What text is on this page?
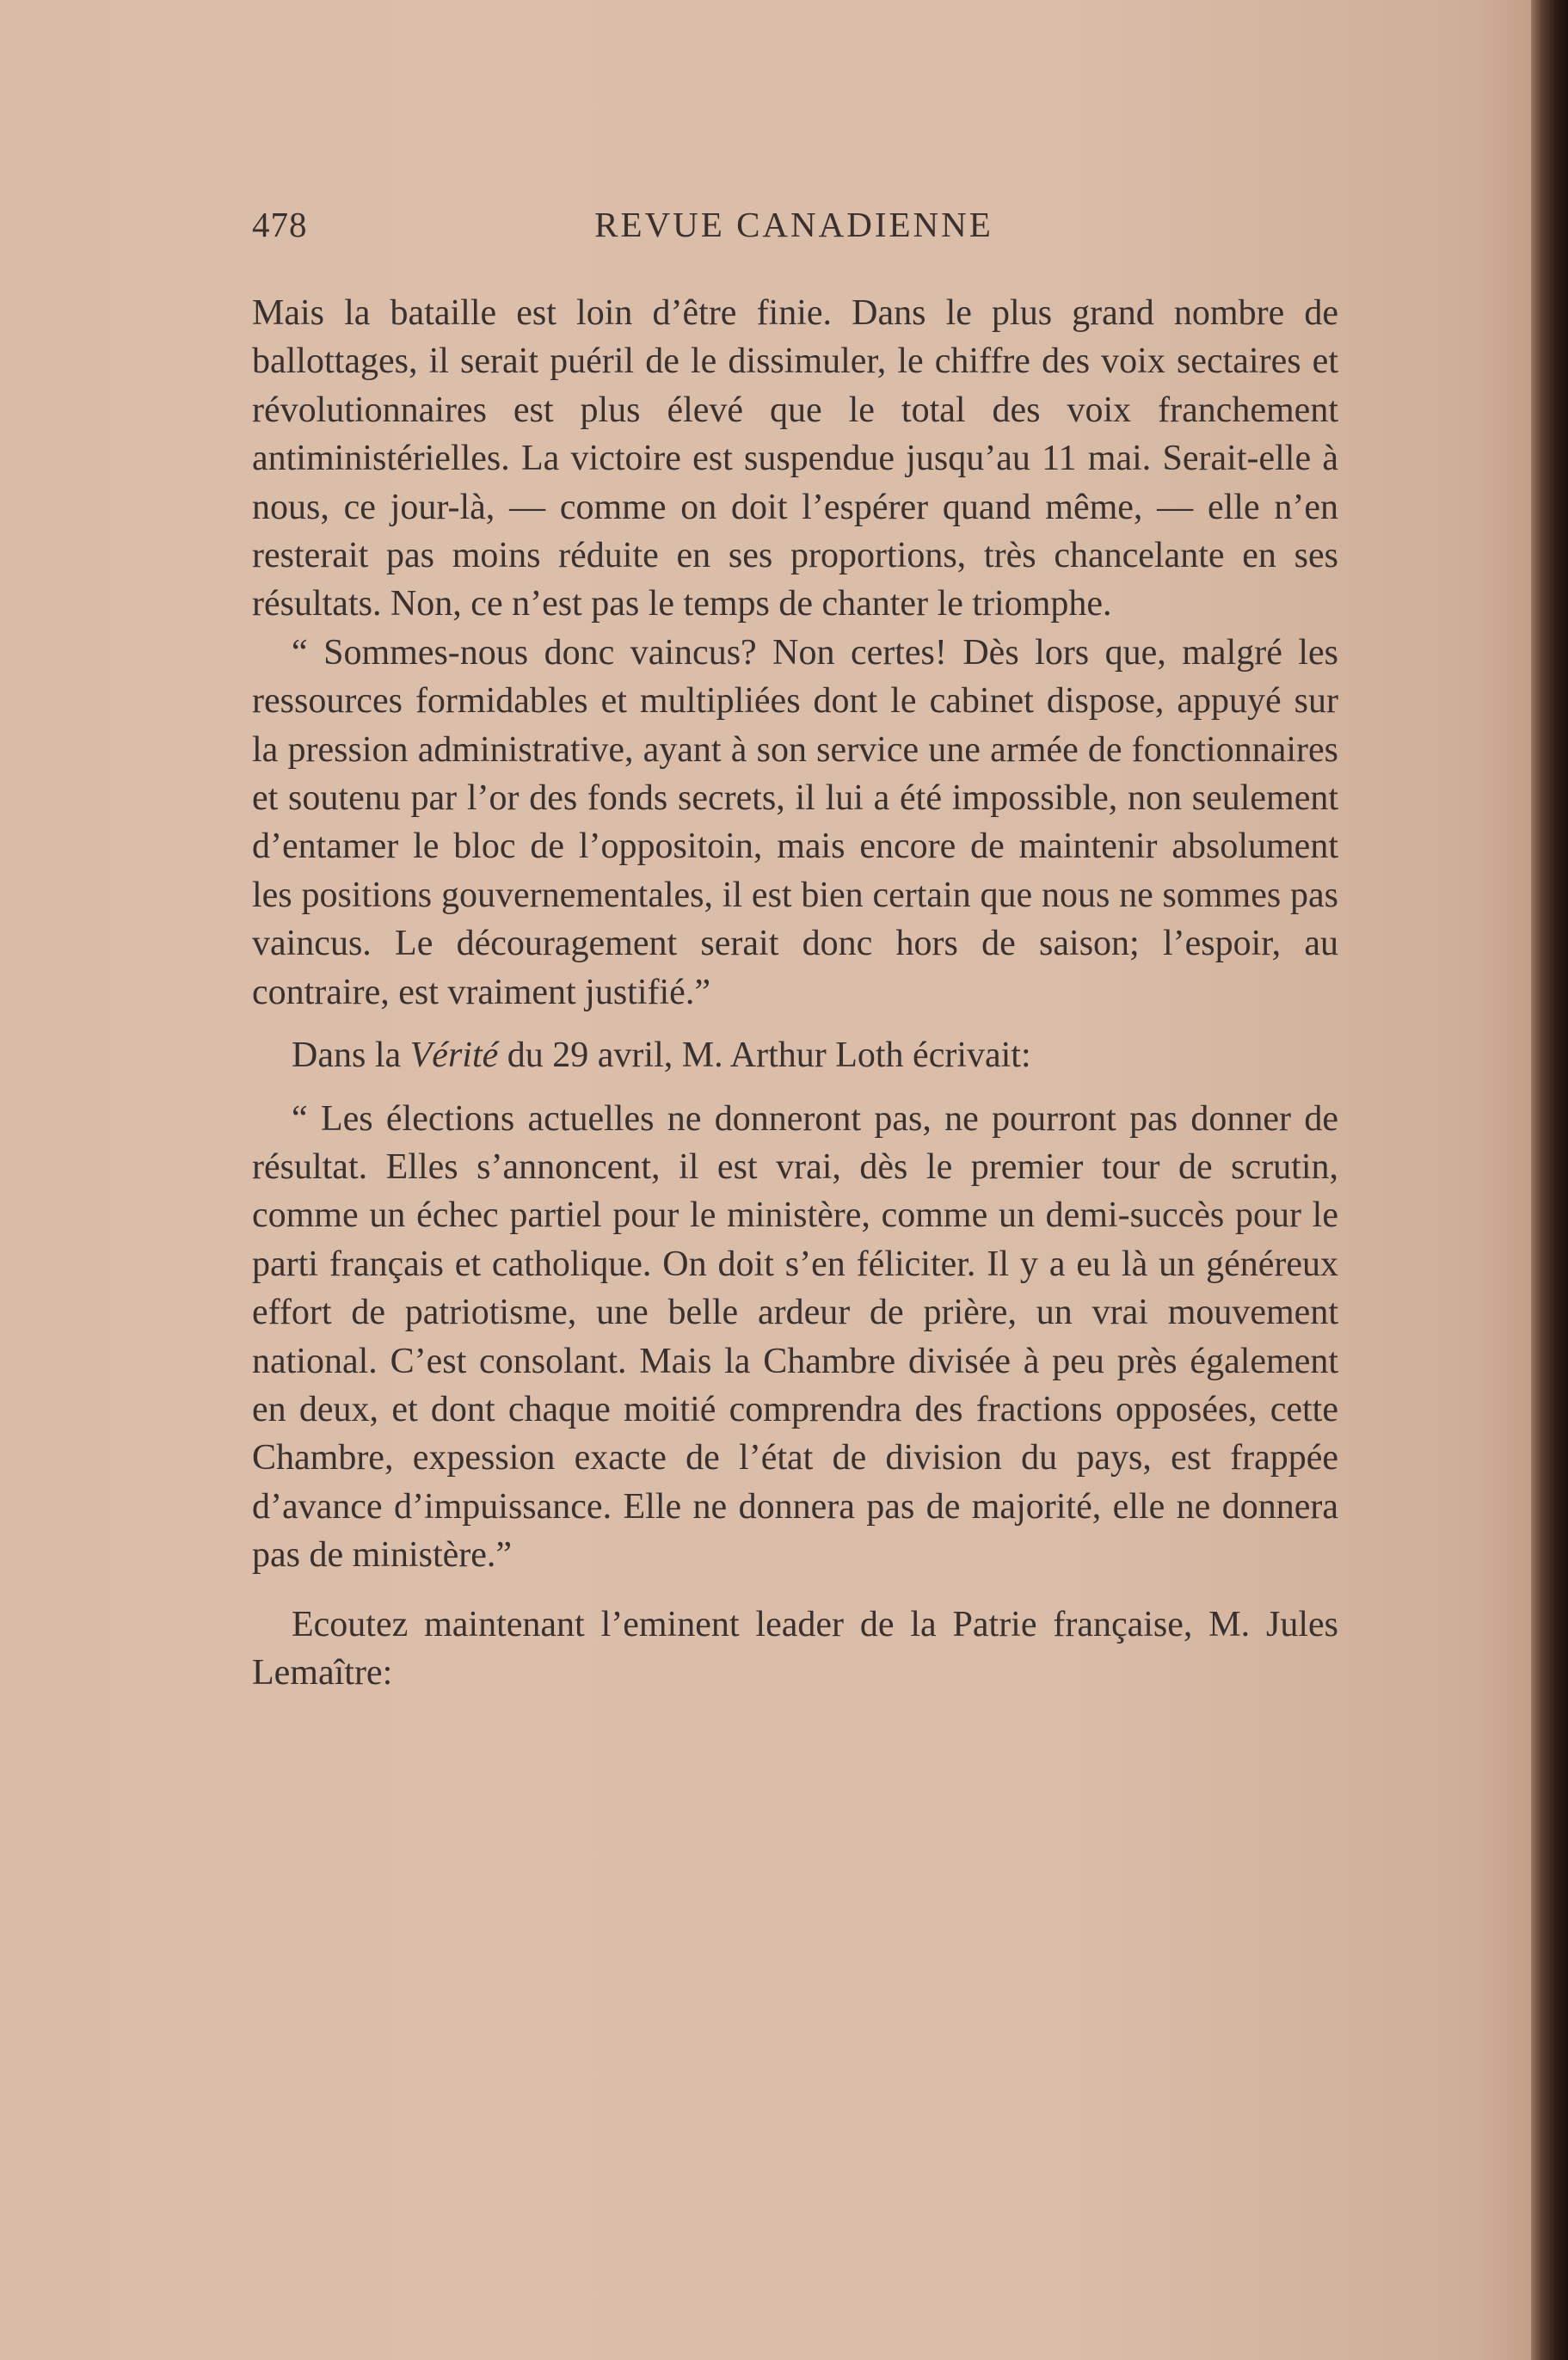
478	REVUE CANADIENNE

Mais la bataille est loin d’être finie. Dans le plus grand nombre de ballottages, il serait puéril de le dissimuler, le chiffre des voix sectaires et révolutionnaires est plus élevé que le total des voix franchement antiministérielles. La victoire est suspendue jusqu’au 11 mai. Serait-elle à nous, ce jour-là, — comme on doit l’espérer quand même, — elle n’en resterait pas moins réduite en ses proportions, très chancelante en ses résultats. Non, ce n’est pas le temps de chanter le triomphe.

“ Sommes-nous donc vaincus? Non certes! Dès lors que, malgré les ressources formidables et multipliées dont le cabinet dispose, appuyé sur la pression administrative, ayant à son service une armée de fonctionnaires et soutenu par l’or des fonds secrets, il lui a été impossible, non seulement d’entamer le bloc de l’oppositoin, mais encore de maintenir absolument les positions gouvernementales, il est bien certain que nous ne sommes pas vaincus. Le découragement serait donc hors de saison; l’espoir, au contraire, est vraiment justifié.”

Dans la Vérité du 29 avril, M. Arthur Loth écrivait:

“ Les élections actuelles ne donneront pas, ne pourront pas donner de résultat. Elles s’annoncent, il est vrai, dès le premier tour de scrutin, comme un échec partiel pour le ministère, comme un demi-succès pour le parti français et catholique. On doit s’en féliciter. Il y a eu là un généreux effort de patriotisme, une belle ardeur de prière, un vrai mouvement national. C’est consolant. Mais la Chambre divisée à peu près également en deux, et dont chaque moitié comprendra des fractions opposées, cette Chambre, expession exacte de l’état de division du pays, est frappée d’avance d’impuissance. Elle ne donnera pas de majorité, elle ne donnera pas de ministère.”

Ecoutez maintenant l’eminent leader de la Patrie française, M. Jules Lemaître:
